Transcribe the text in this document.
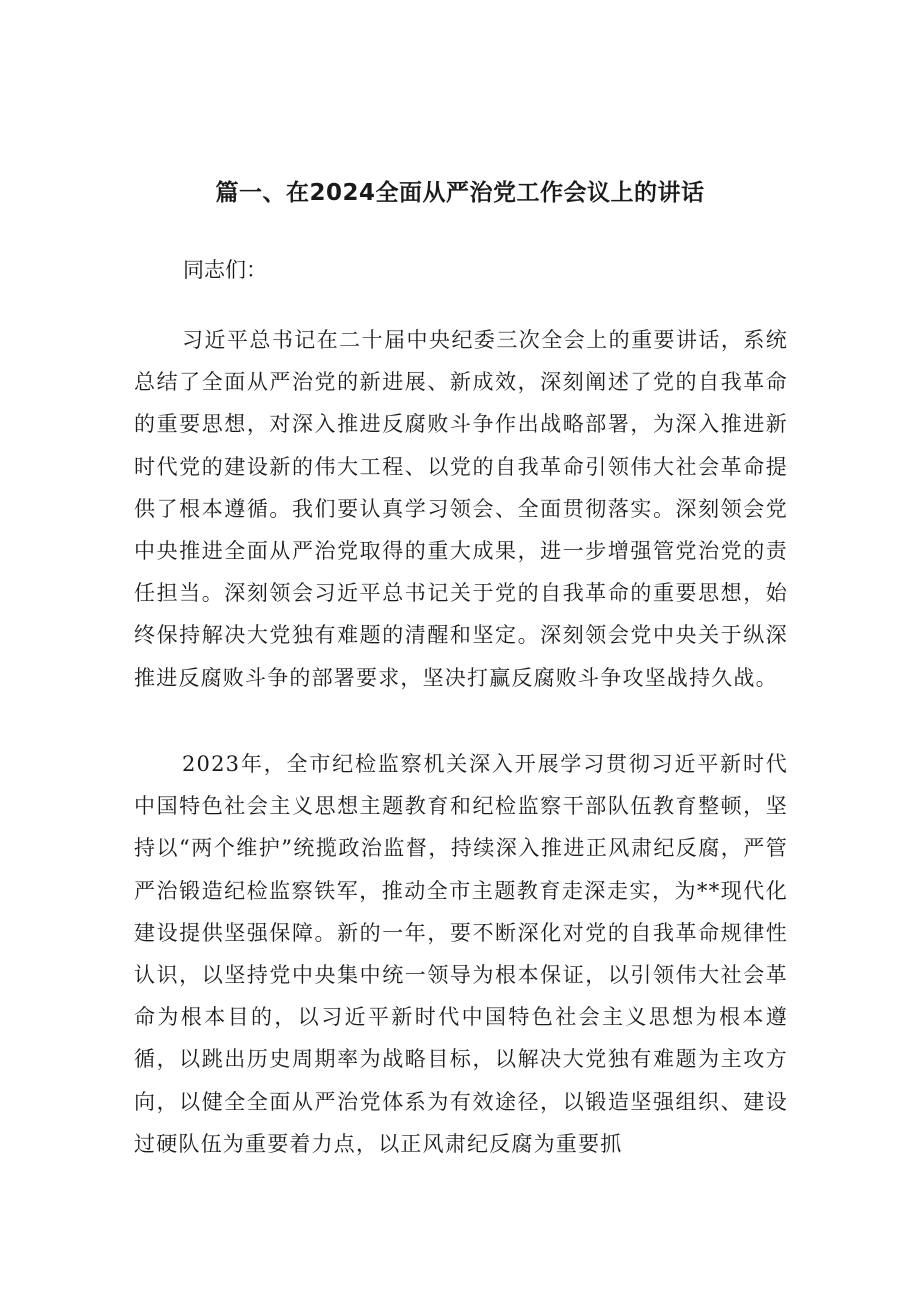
篇一、在2024全面从严治党工作会议上的讲话

同志们：

习近平总书记在二十届中央纪委三次全会上的重要讲话，系统总结了全面从严治党的新进展、新成效，深刻阐述了党的自我革命的重要思想，对深入推进反腐败斗争作出战略部署，为深入推进新时代党的建设新的伟大工程、以党的自我革命引领伟大社会革命提供了根本遵循。我们要认真学习领会、全面贯彻落实。深刻领会党中央推进全面从严治党取得的重大成果，进一步增强管党治党的责任担当。深刻领会习近平总书记关于党的自我革命的重要思想，始终保持解决大党独有难题的清醒和坚定。深刻领会党中央关于纵深推进反腐败斗争的部署要求，坚决打赢反腐败斗争攻坚战持久战。

2023年，全市纪检监察机关深入开展学习贯彻习近平新时代中国特色社会主义思想主题教育和纪检监察干部队伍教育整顿，坚持以“两个维护”统揽政治监督，持续深入推进正风肃纪反腐，严管严治锻造纪检监察铁军，推动全市主题教育走深走实，为**现代化建设提供坚强保障。新的一年，要不断深化对党的自我革命规律性认识，以坚持党中央集中统一领导为根本保证，以引领伟大社会革命为根本目的，以习近平新时代中国特色社会主义思想为根本遵循，以跳出历史周期率为战略目标，以解决大党独有难题为主攻方向，以健全全面从严治党体系为有效途径，以锻造坚强组织、建设过硬队伍为重要着力点，以正风肃纪反腐为重要抓
